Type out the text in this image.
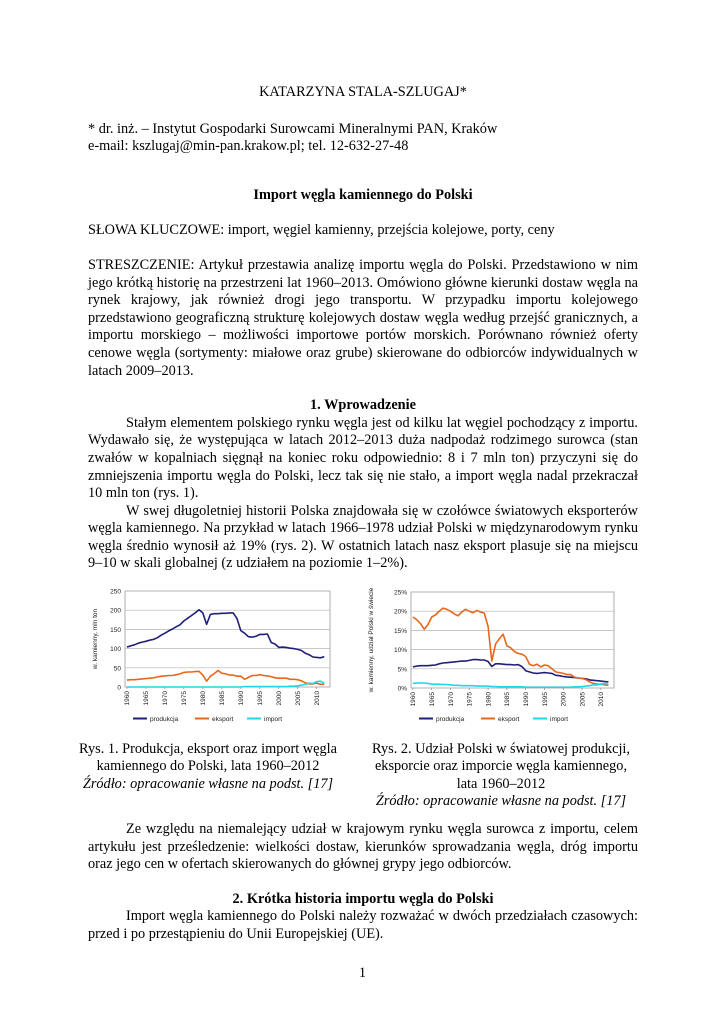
KATARZYNA STALA-SZLUGAJ*

* dr. inż. – Instytut Gospodarki Surowcami Mineralnymi PAN, Kraków

e-mail: kszlugaj@min-pan.krakow.pl; tel. 12-632-27-48

Import węgla kamiennego do Polski

SŁOWA KLUCZOWE: import, węgiel kamienny, przejścia kolejowe, porty, ceny

STRESZCZENIE: Artykuł przestawia analizę importu węgla do Polski. Przedstawiono w nim jego krótką historię na przestrzeni lat 1960–2013. Omówiono główne kierunki dostaw węgla na rynek krajowy, jak również drogi jego transportu. W przypadku importu kolejowego przedstawiono geograficzną strukturę kolejowych dostaw węgla według przejść granicznych, a importu morskiego – możliwości importowe portów morskich. Porównano również oferty cenowe węgla (sortymenty: miałowe oraz grube) skierowane do odbiorców indywidualnych w latach 2009–2013.

1. Wprowadzenie

Stałym elementem polskiego rynku węgla jest od kilku lat węgiel pochodzący z importu. Wydawało się, że występująca w latach 2012–2013 duża nadpodaż rodzimego surowca (stan zwałów w kopalniach sięgnął na koniec roku odpowiednio: 8 i 7 mln ton) przyczyni się do zmniejszenia importu węgla do Polski, lecz tak się nie stało, a import węgla nadal przekraczał 10 mln ton (rys. 1).

W swej długoletniej historii Polska znajdowała się w czołówce światowych eksporterów węgla kamiennego. Na przykład w latach 1966–1978 udział Polski w międzynarodowym rynku węgla średnio wynosił aż 19% (rys. 2). W ostatnich latach nasz eksport plasuje się na miejscu 9–10 w skali globalnej (z udziałem na poziomie 1–2%).

0
50
100
150
200
250
1960 1965 1970 1975 1980 1985 1990 1995 2000 2005 2010
w. kamienny, mln ton
produkcja	eksport	import
Rys. 1. Produkcja, eksport oraz import węgla
kamiennego do Polski, lata 1960–2012
Źródło: opracowanie własne na podst. [17]
0%
5%
10%
15%
20%
25%
1960 1965 1970 1975 1980 1985 1990 1995 2000 2005 2010
w. kamienny, udział Polski w świecie
produkcja	eksport	import
Rys. 2. Udział Polski w światowej produkcji,
eksporcie oraz imporcie węgla kamiennego,
lata 1960–2012
Źródło: opracowanie własne na podst. [17]

Ze względu na niemalejący udział w krajowym rynku węgla surowca z importu, celem artykułu jest prześledzenie: wielkości dostaw, kierunków sprowadzania węgla, dróg importu oraz jego cen w ofertach skierowanych do głównej grypy jego odbiorców.

2. Krótka historia importu węgla do Polski

Import węgla kamiennego do Polski należy rozważać w dwóch przedziałach czasowych: przed i po przestąpieniu do Unii Europejskiej (UE).

1
